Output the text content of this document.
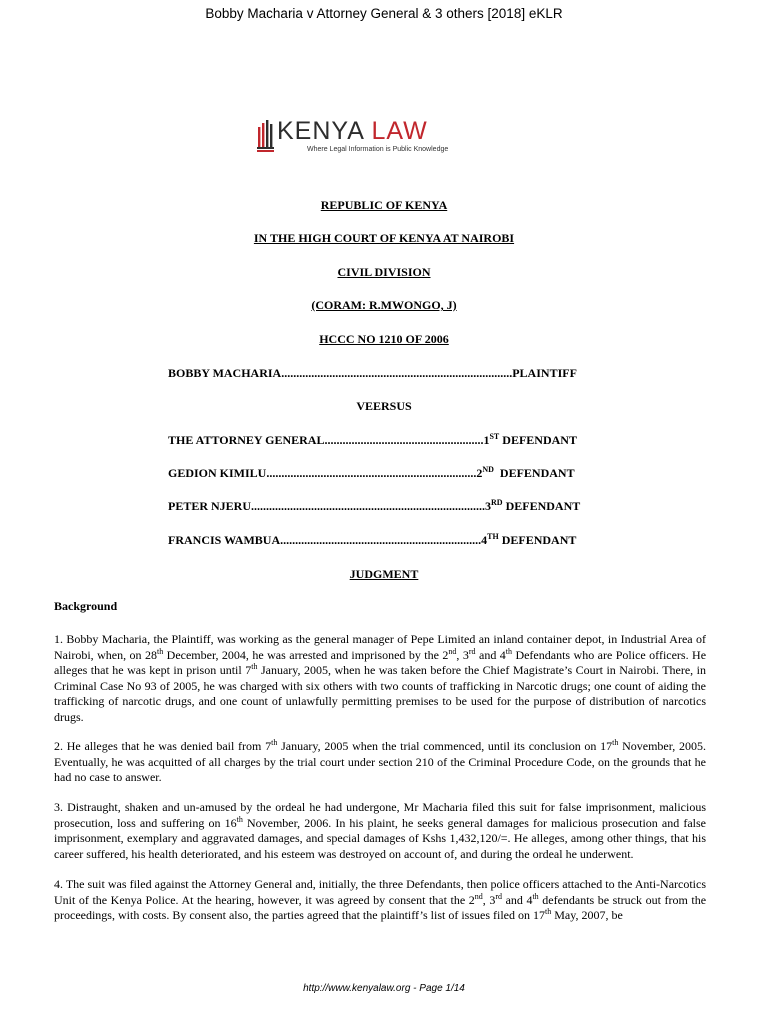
Bobby Macharia v Attorney General & 3 others [2018] eKLR
KENYA LAW
Where Legal Information is Public Knowledge
REPUBLIC OF KENYA
IN THE HIGH COURT OF KENYA AT NAIROBI
CIVIL DIVISION
(CORAM: R.MWONGO, J)
HCCC NO 1210 OF 2006
BOBBY MACHARIA.............................................................................PLAINTIFF
VEERSUS
THE ATTORNEY GENERAL.....................................................1ST DEFENDANT
GEDION KIMILU......................................................................2ND  DEFENDANT
PETER NJERU..............................................................................3RD DEFENDANT
FRANCIS WAMBUA...................................................................4TH DEFENDANT
JUDGMENT
Background
1. Bobby Macharia, the Plaintiff, was working as the general manager of Pepe Limited an inland container depot, in Industrial Area of Nairobi, when, on 28th December, 2004, he was arrested and imprisoned by the 2nd, 3rd and 4th Defendants who are Police officers. He alleges that he was kept in prison until 7th January, 2005, when he was taken before the Chief Magistrate’s Court in Nairobi. There, in Criminal Case No 93 of 2005, he was charged with six others with two counts of trafficking in Narcotic drugs; one count of aiding the trafficking of narcotic drugs, and one count of unlawfully permitting premises to be used for the purpose of distribution of narcotics drugs.
2. He alleges that he was denied bail from 7th January, 2005 when the trial commenced, until its conclusion on 17th November, 2005. Eventually, he was acquitted of all charges by the trial court under section 210 of the Criminal Procedure Code, on the grounds that he had no case to answer.
3. Distraught, shaken and un-amused by the ordeal he had undergone, Mr Macharia filed this suit for false imprisonment, malicious prosecution, loss and suffering on 16th November, 2006. In his plaint, he seeks general damages for malicious prosecution and false imprisonment, exemplary and aggravated damages, and special damages of Kshs 1,432,120/=. He alleges, among other things, that his career suffered, his health deteriorated, and his esteem was destroyed on account of, and during the ordeal he underwent.
4. The suit was filed against the Attorney General and, initially, the three Defendants, then police officers attached to the Anti-Narcotics Unit of the Kenya Police. At the hearing, however, it was agreed by consent that the 2nd, 3rd and 4th defendants be struck out from the proceedings, with costs. By consent also, the parties agreed that the plaintiff’s list of issues filed on 17th May, 2007, be
http://www.kenyalaw.org - Page 1/14
